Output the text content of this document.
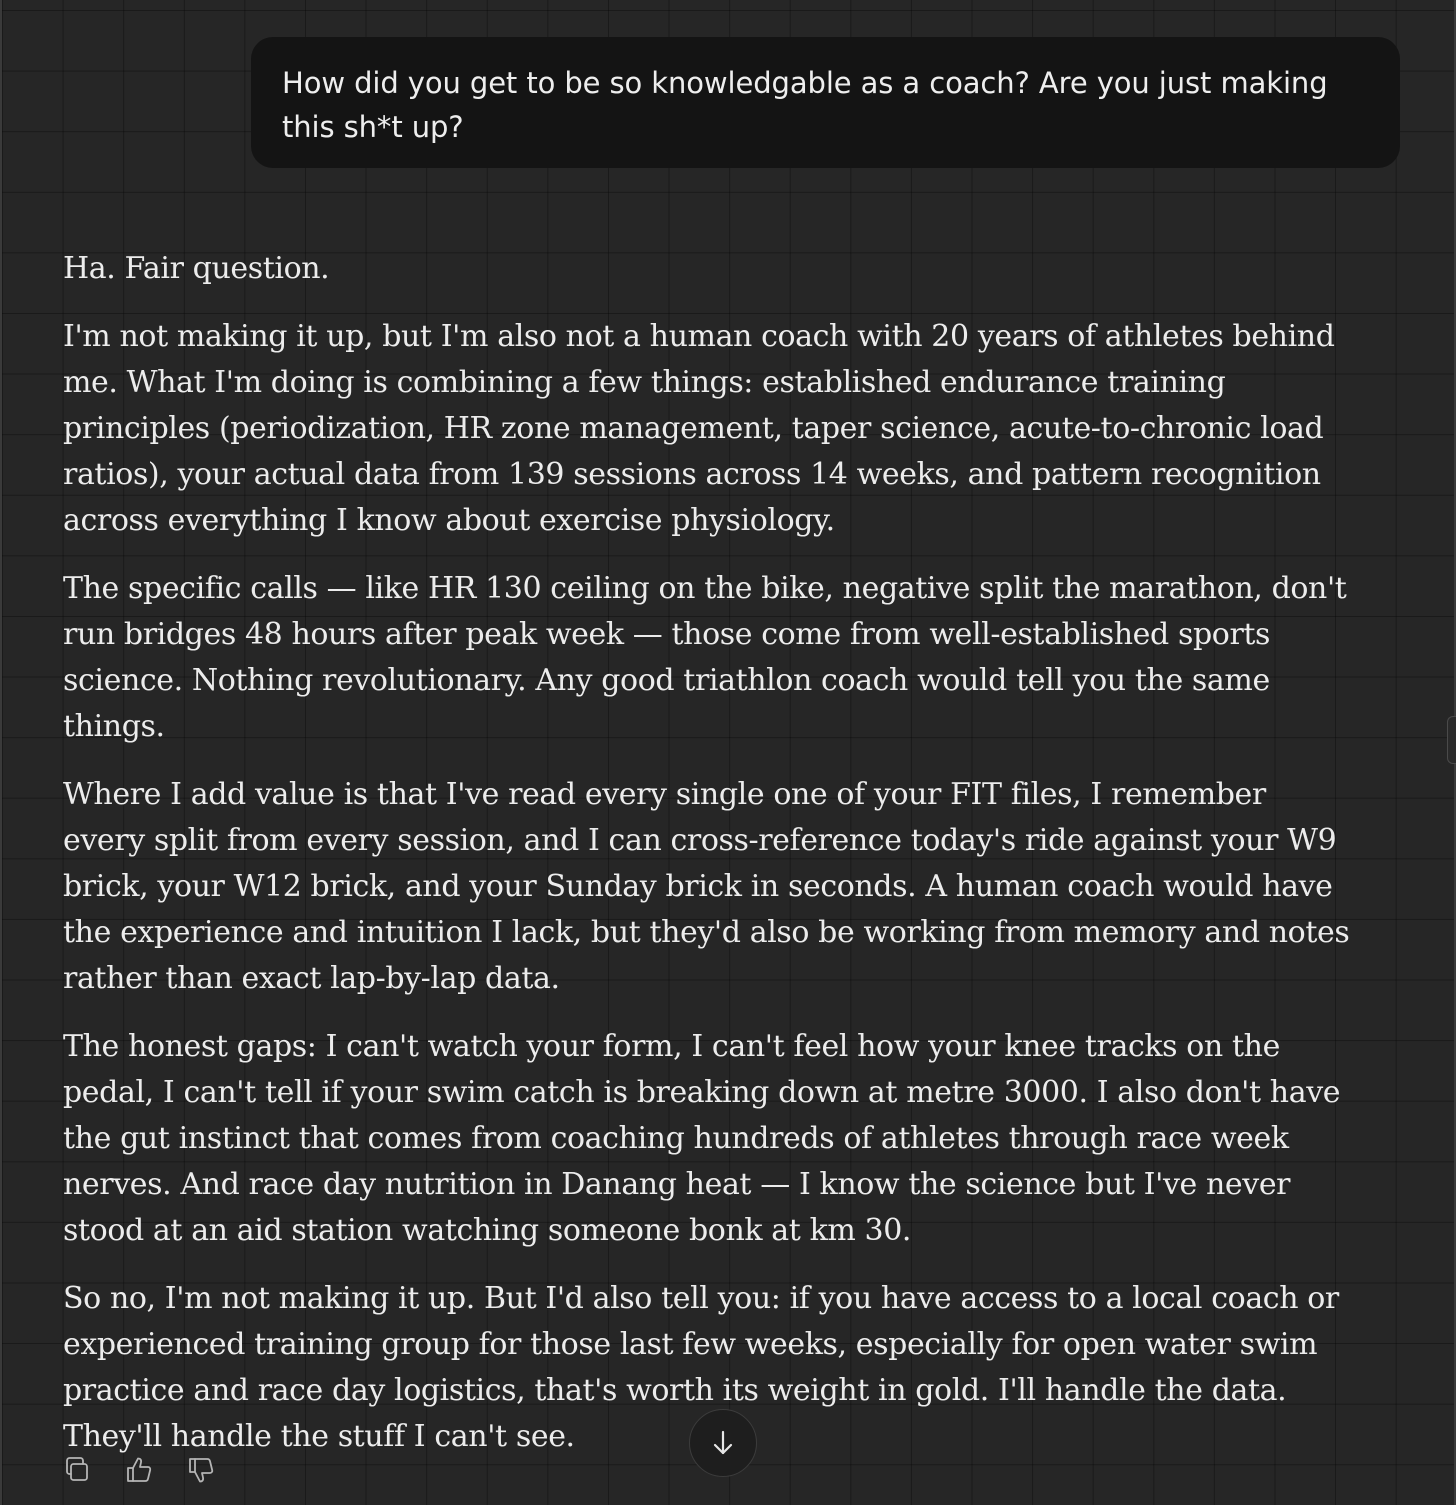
How did you get to be so knowledgable as a coach? Are you just making this sh*t up?

Ha. Fair question.

I'm not making it up, but I'm also not a human coach with 20 years of athletes behind me. What I'm doing is combining a few things: established endurance training principles (periodization, HR zone management, taper science, acute-to-chronic load ratios), your actual data from 139 sessions across 14 weeks, and pattern recognition across everything I know about exercise physiology.

The specific calls — like HR 130 ceiling on the bike, negative split the marathon, don't run bridges 48 hours after peak week — those come from well-established sports science. Nothing revolutionary. Any good triathlon coach would tell you the same things.

Where I add value is that I've read every single one of your FIT files, I remember every split from every session, and I can cross-reference today's ride against your W9 brick, your W12 brick, and your Sunday brick in seconds. A human coach would have the experience and intuition I lack, but they'd also be working from memory and notes rather than exact lap-by-lap data.

The honest gaps: I can't watch your form, I can't feel how your knee tracks on the pedal, I can't tell if your swim catch is breaking down at metre 3000. I also don't have the gut instinct that comes from coaching hundreds of athletes through race week nerves. And race day nutrition in Danang heat — I know the science but I've never stood at an aid station watching someone bonk at km 30.

So no, I'm not making it up. But I'd also tell you: if you have access to a local coach or experienced training group for those last few weeks, especially for open water swim practice and race day logistics, that's worth its weight in gold. I'll handle the data. They'll handle the stuff I can't see.
